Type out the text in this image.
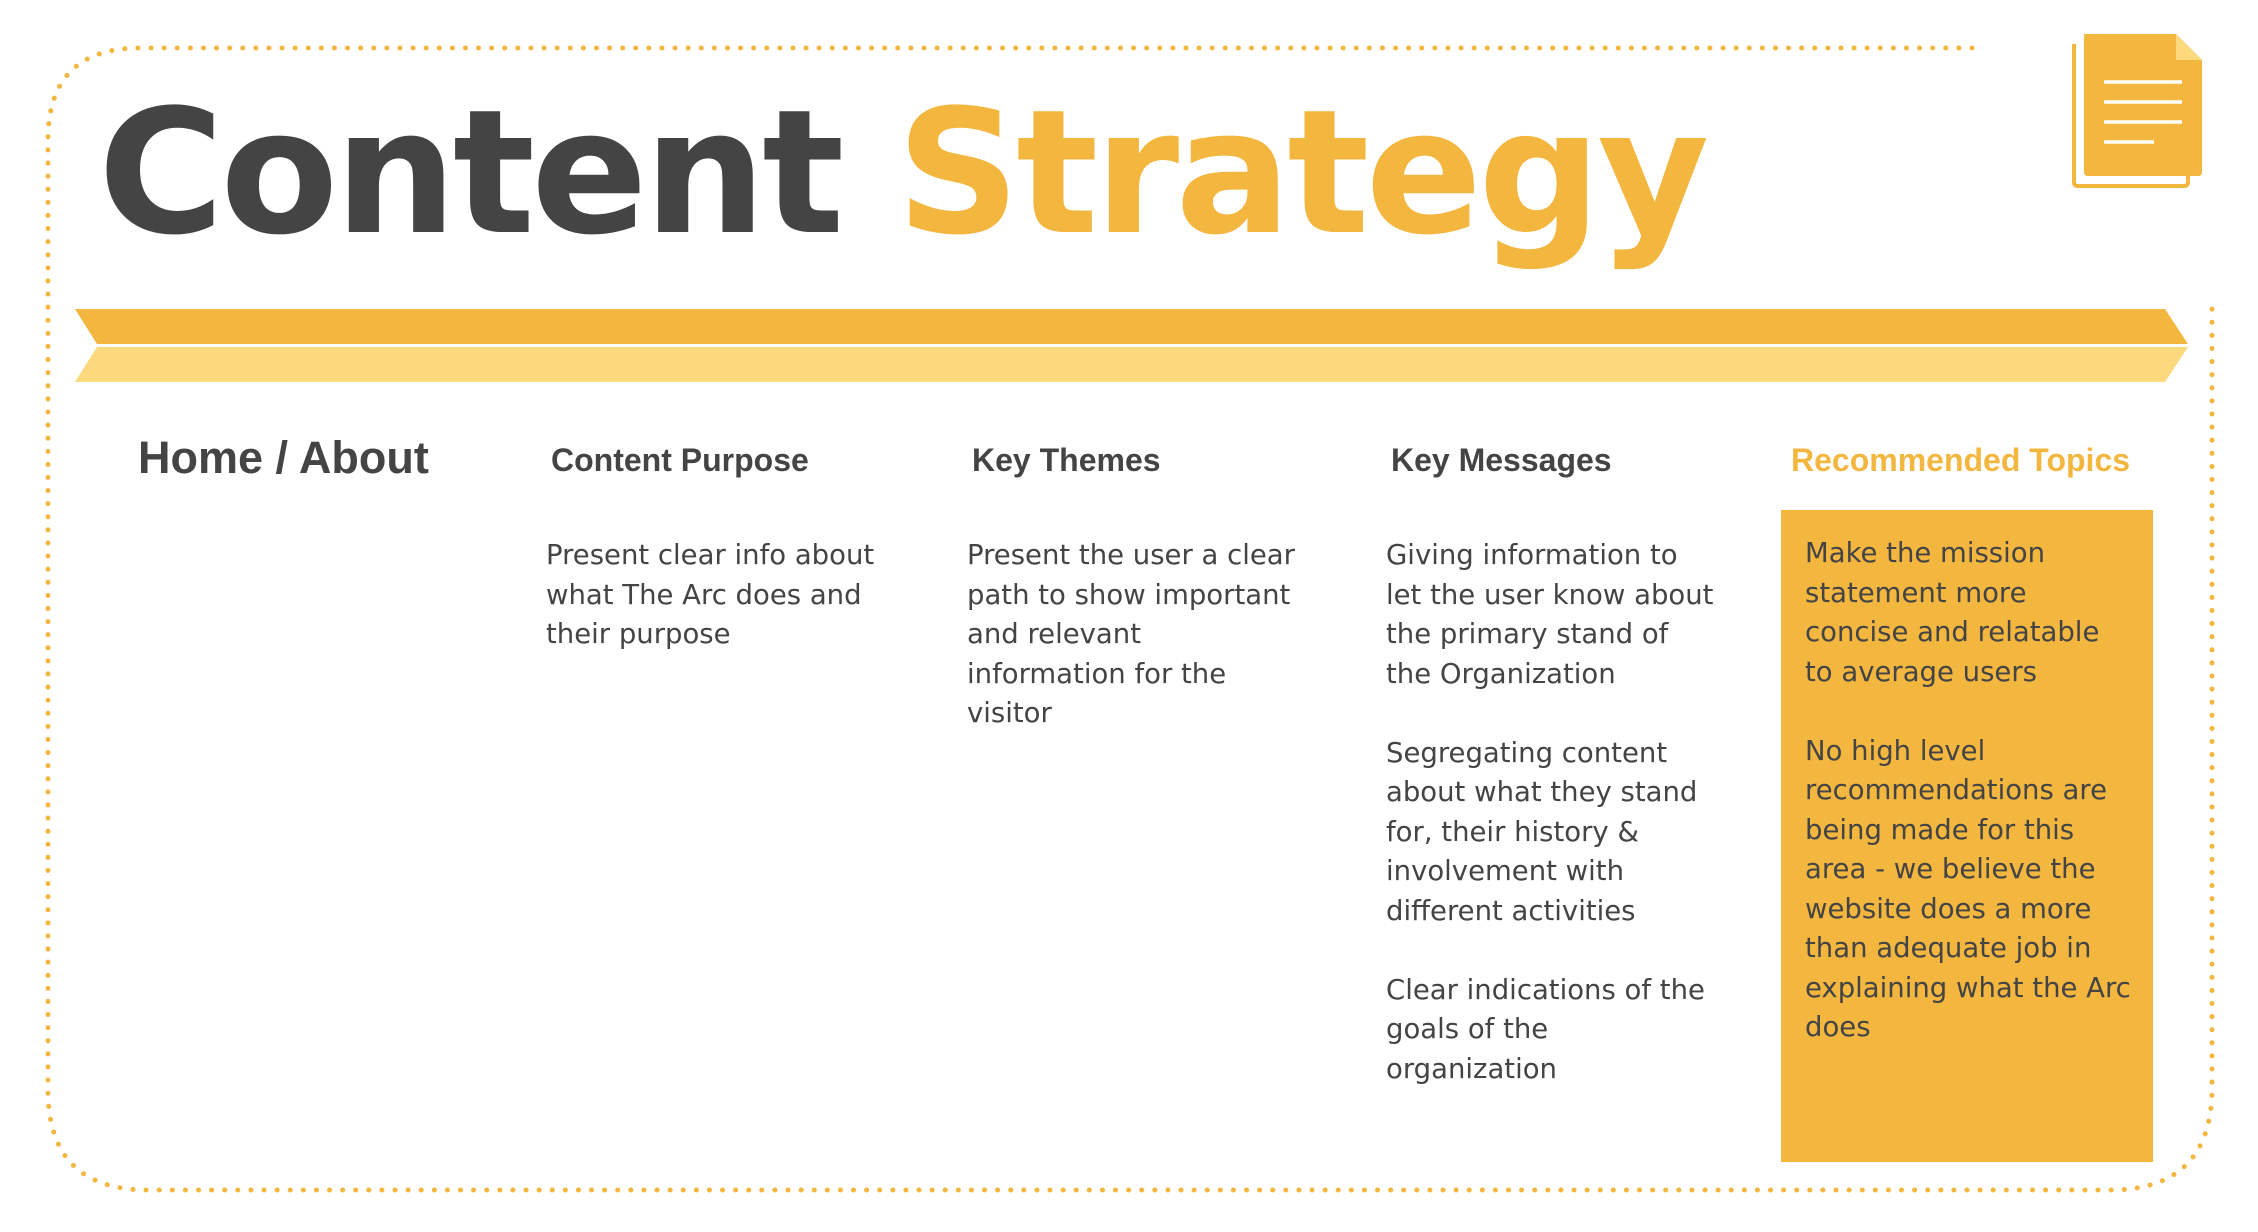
Content Strategy
Home / About	Content Purpose

Present clear info about what The Arc does and their purpose

Key Themes

Present the user a clear path to show important and relevant information for the visitor

Key Messages

Giving information to let the user know about the primary stand of the Organization

Segregating content about what they stand for, their history & involvement with different activities

Clear indications of the goals of the organization

Recommended Topics

Make the mission statement more concise and relatable to average users

No high level recommendations are being made for this area - we believe the website does a more than adequate job in explaining what the Arc does
